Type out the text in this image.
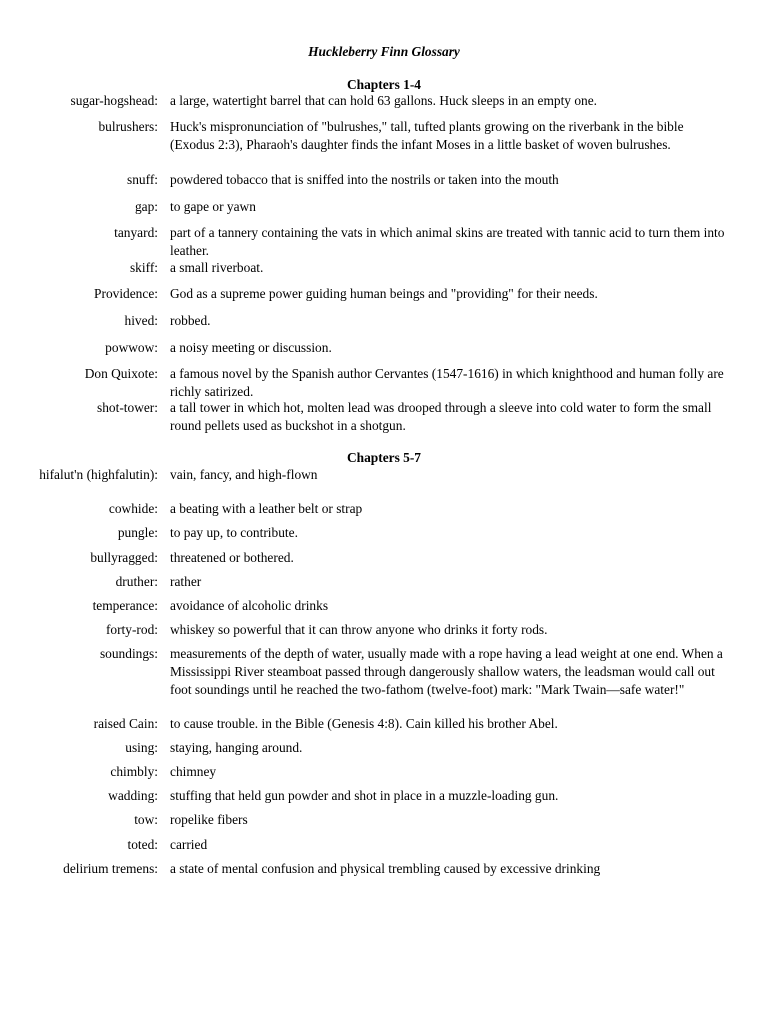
Huckleberry Finn Glossary
Chapters 1-4
sugar-hogshead: a large, watertight barrel that can hold 63 gallons. Huck sleeps in an empty one.
bulrushers: Huck's mispronunciation of "bulrushes," tall, tufted plants growing on the riverbank in the bible (Exodus 2:3), Pharaoh's daughter finds the infant Moses in a little basket of woven bulrushes.
snuff: powdered tobacco that is sniffed into the nostrils or taken into the mouth
gap: to gape or yawn
tanyard: part of a tannery containing the vats in which animal skins are treated with tannic acid to turn them into leather.
skiff: a small riverboat.
Providence: God as a supreme power guiding human beings and "providing" for their needs.
hived: robbed.
powwow: a noisy meeting or discussion.
Don Quixote: a famous novel by the Spanish author Cervantes (1547-1616) in which knighthood and human folly are richly satirized.
shot-tower: a tall tower in which hot, molten lead was drooped through a sleeve into cold water to form the small round pellets used as buckshot in a shotgun.
Chapters 5-7
hifalut'n (highfalutin): vain, fancy, and high-flown
cowhide: a beating with a leather belt or strap
pungle: to pay up, to contribute.
bullyragged: threatened or bothered.
druther: rather
temperance: avoidance of alcoholic drinks
forty-rod: whiskey so powerful that it can throw anyone who drinks it forty rods.
soundings: measurements of the depth of water, usually made with a rope having a lead weight at one end. When a Mississippi River steamboat passed through dangerously shallow waters, the leadsman would call out foot soundings until he reached the two-fathom (twelve-foot) mark: "Mark Twain—safe water!"
raised Cain: to cause trouble. in the Bible (Genesis 4:8). Cain killed his brother Abel.
using: staying, hanging around.
chimbly: chimney
wadding: stuffing that held gun powder and shot in place in a muzzle-loading gun.
tow: ropelike fibers
toted: carried
delirium tremens: a state of mental confusion and physical trembling caused by excessive drinking
